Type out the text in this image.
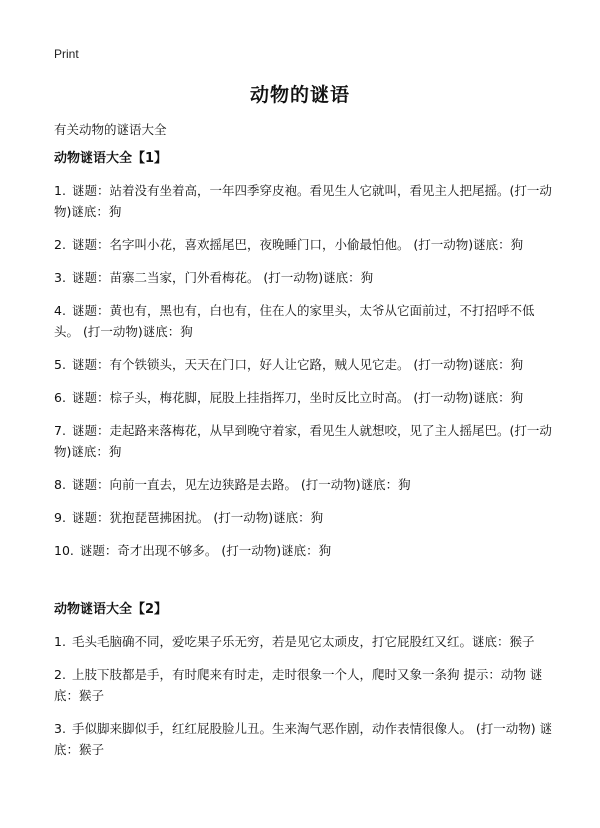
Print
动物的谜语
有关动物的谜语大全
动物谜语大全【1】
1. 谜题：站着没有坐着高，一年四季穿皮袍。看见生人它就叫，看见主人把尾摇。(打一动物)谜底：狗
2. 谜题：名字叫小花，喜欢摇尾巴，夜晚睡门口，小偷最怕他。 (打一动物)谜底：狗
3. 谜题：苗寨二当家，门外看梅花。 (打一动物)谜底：狗
4. 谜题：黄也有，黑也有，白也有，住在人的家里头，太爷从它面前过，不打招呼不低头。 (打一动物)谜底：狗
5. 谜题：有个铁锁头，天天在门口，好人让它路，贼人见它走。 (打一动物)谜底：狗
6. 谜题：棕子头，梅花脚，屁股上挂指挥刀，坐时反比立时高。 (打一动物)谜底：狗
7. 谜题：走起路来落梅花，从早到晚守着家，看见生人就想咬，见了主人摇尾巴。(打一动物)谜底：狗
8. 谜题：向前一直去，见左边狭路是去路。 (打一动物)谜底：狗
9. 谜题：犹抱琵琶拂困扰。 (打一动物)谜底：狗
10. 谜题：奇才出现不够多。 (打一动物)谜底：狗
动物谜语大全【2】
1. 毛头毛脑确不同，爱吃果子乐无穷，若是见它太顽皮，打它屁股红又红。谜底：猴子
2. 上肢下肢都是手，有时爬来有时走，走时很象一个人，爬时又象一条狗 提示：动物 谜底：猴子
3. 手似脚来脚似手，红红屁股脸儿丑。生来淘气恶作剧，动作表情很像人。 (打一动物) 谜底：猴子
